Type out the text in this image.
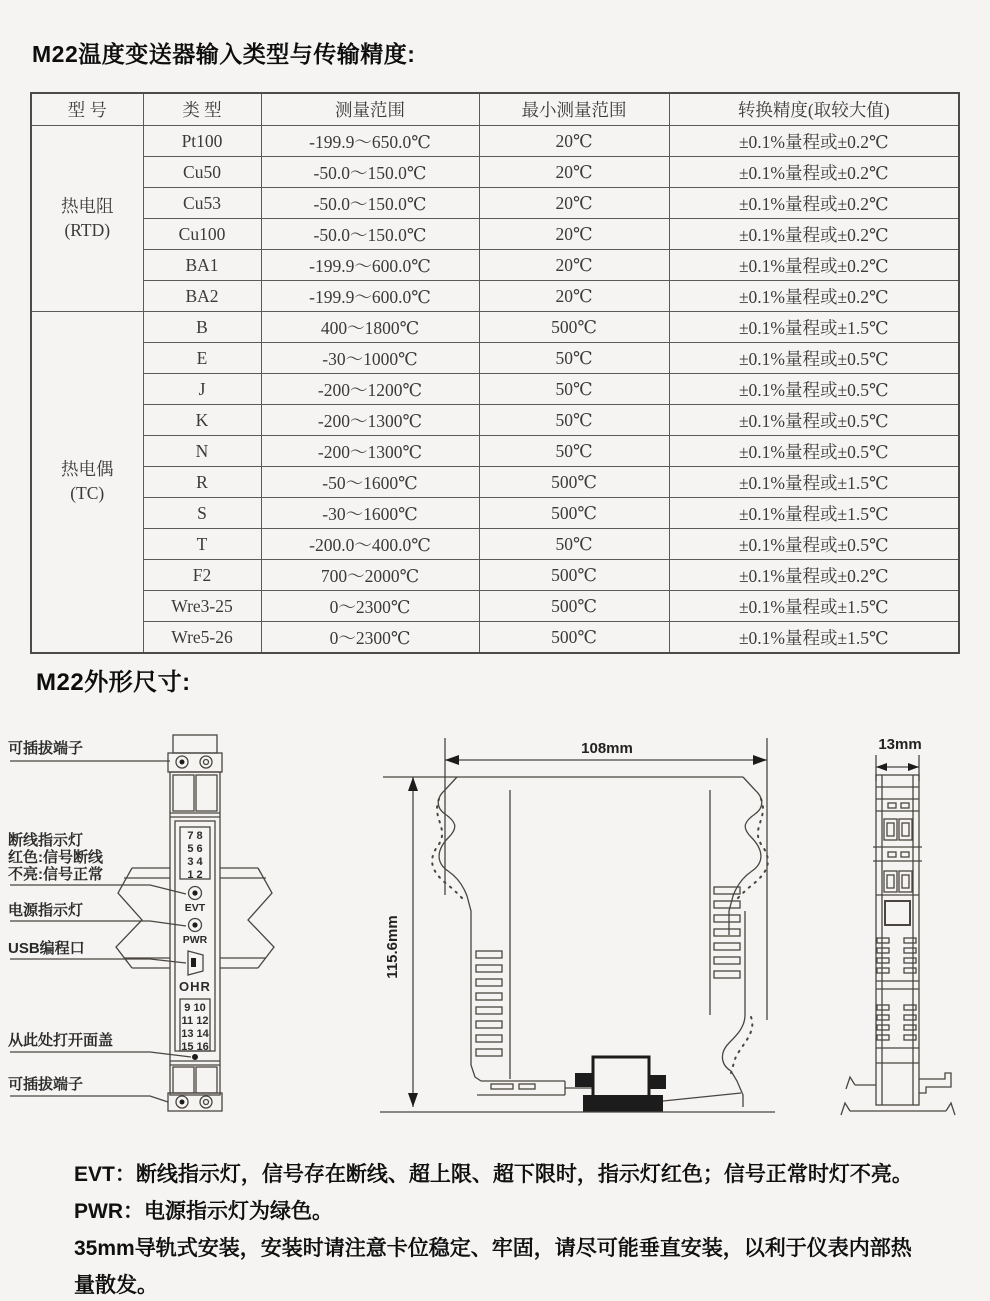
M22温度变送器输入类型与传输精度:
型 号	类 型	测量范围	最小测量范围	转换精度(取较大值)

热电阻
(RTD)	Pt100	-199.9～650.0℃	20℃	±0.1%量程或±0.2℃
	Cu50	-50.0～150.0℃	20℃	±0.1%量程或±0.2℃
	Cu53	-50.0～150.0℃	20℃	±0.1%量程或±0.2℃
	Cu100	-50.0～150.0℃	20℃	±0.1%量程或±0.2℃
	BA1	-199.9～600.0℃	20℃	±0.1%量程或±0.2℃
	BA2	-199.9～600.0℃	20℃	±0.1%量程或±0.2℃

热电偶
(TC)	B	400～1800℃	500℃	±0.1%量程或±1.5℃
	E	-30～1000℃	50℃	±0.1%量程或±0.5℃
	J	-200～1200℃	50℃	±0.1%量程或±0.5℃
	K	-200～1300℃	50℃	±0.1%量程或±0.5℃
	N	-200～1300℃	50℃	±0.1%量程或±0.5℃
	R	-50～1600℃	500℃	±0.1%量程或±1.5℃
	S	-30～1600℃	500℃	±0.1%量程或±1.5℃
	T	-200.0～400.0℃	50℃	±0.1%量程或±0.5℃
	F2	700～2000℃	500℃	±0.1%量程或±0.2℃
	Wre3-25	0～2300℃	500℃	±0.1%量程或±1.5℃
	Wre5-26	0～2300℃	500℃	±0.1%量程或±1.5℃
M22外形尺寸:
7 8
5 6
3 4
1 2
EVT
PWR
OHR
9 10
11 12
13 14
15 16
可插拔端子
断线指示灯
红色:信号断线
不亮:信号正常
电源指示灯
USB编程口
从此处打开面盖
可插拔端子
108mm
115.6mm
13mm

EVT：断线指示灯，信号存在断线、超上限、超下限时，指示灯红色；信号正常时灯不亮。

PWR：电源指示灯为绿色。

35mm导轨式安装，安装时请注意卡位稳定、牢固，请尽可能垂直安装，以利于仪表内部热量散发。
